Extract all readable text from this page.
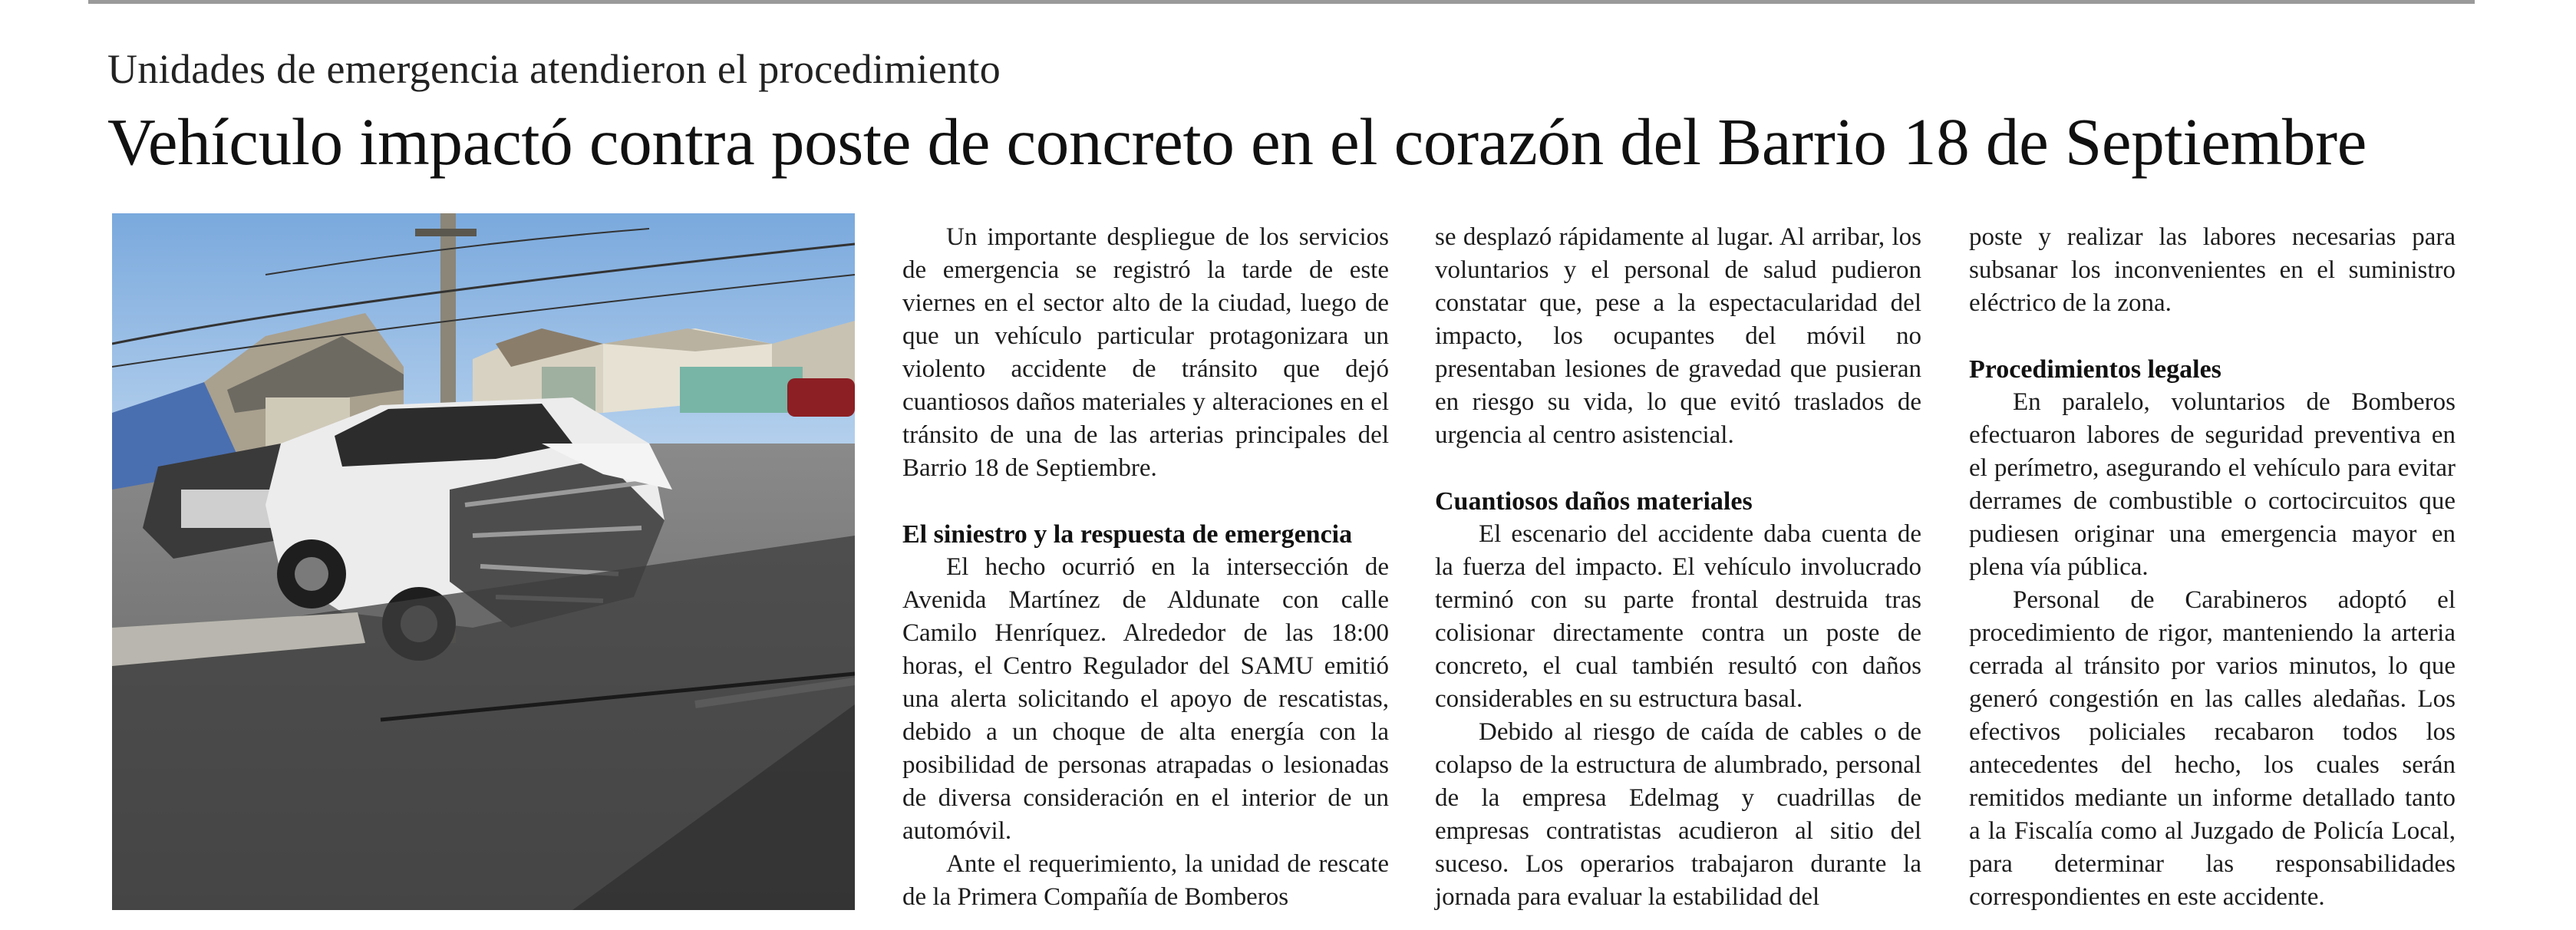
Unidades de emergencia atendieron el procedimiento
Vehículo impactó contra poste de concreto en el corazón del Barrio 18 de Septiembre

Un importante despliegue de los servicios de emergencia se registró la tarde de este viernes en el sector alto de la ciudad, luego de que un vehículo particular protagonizara un violento accidente de tránsito que dejó cuantiosos daños materiales y alteraciones en el tránsito de una de las arterias principales del Barrio 18 de Septiembre.

El siniestro y la respuesta de emergencia

El hecho ocurrió en la intersección de Avenida Martínez de Aldunate con calle Camilo Henríquez. Alrededor de las 18:00 horas, el Centro Regulador del SAMU emitió una alerta solicitando el apoyo de rescatistas, debido a un choque de alta energía con la posibilidad de personas atrapadas o lesionadas de diversa consideración en el interior de un automóvil.

Ante el requerimiento, la unidad de rescate de la Primera Compañía de Bomberos

se desplazó rápidamente al lugar. Al arribar, los voluntarios y el personal de salud pudieron constatar que, pese a la espectacularidad del impacto, los ocupantes del móvil no presentaban lesiones de gravedad que pusieran en riesgo su vida, lo que evitó traslados de urgencia al centro asistencial.

Cuantiosos daños materiales

El escenario del accidente daba cuenta de la fuerza del impacto. El vehículo involucrado terminó con su parte frontal destruida tras colisionar directamente contra un poste de concreto, el cual también resultó con daños considerables en su estructura basal.

Debido al riesgo de caída de cables o de colapso de la estructura de alumbrado, personal de la empresa Edelmag y cuadrillas de empresas contratistas acudieron al sitio del suceso. Los operarios trabajaron durante la jornada para evaluar la estabilidad del

poste y realizar las labores necesarias para subsanar los inconvenientes en el suministro eléctrico de la zona.

Procedimientos legales

En paralelo, voluntarios de Bomberos efectuaron labores de seguridad preventiva en el perímetro, asegurando el vehículo para evitar derrames de combustible o cortocircuitos que pudiesen originar una emergencia mayor en plena vía pública.

Personal de Carabineros adoptó el procedimiento de rigor, manteniendo la arteria cerrada al tránsito por varios minutos, lo que generó congestión en las calles aledañas. Los efectivos policiales recabaron todos los antecedentes del hecho, los cuales serán remitidos mediante un informe detallado tanto a la Fiscalía como al Juzgado de Policía Local, para determinar las responsabilidades correspondientes en este accidente.
